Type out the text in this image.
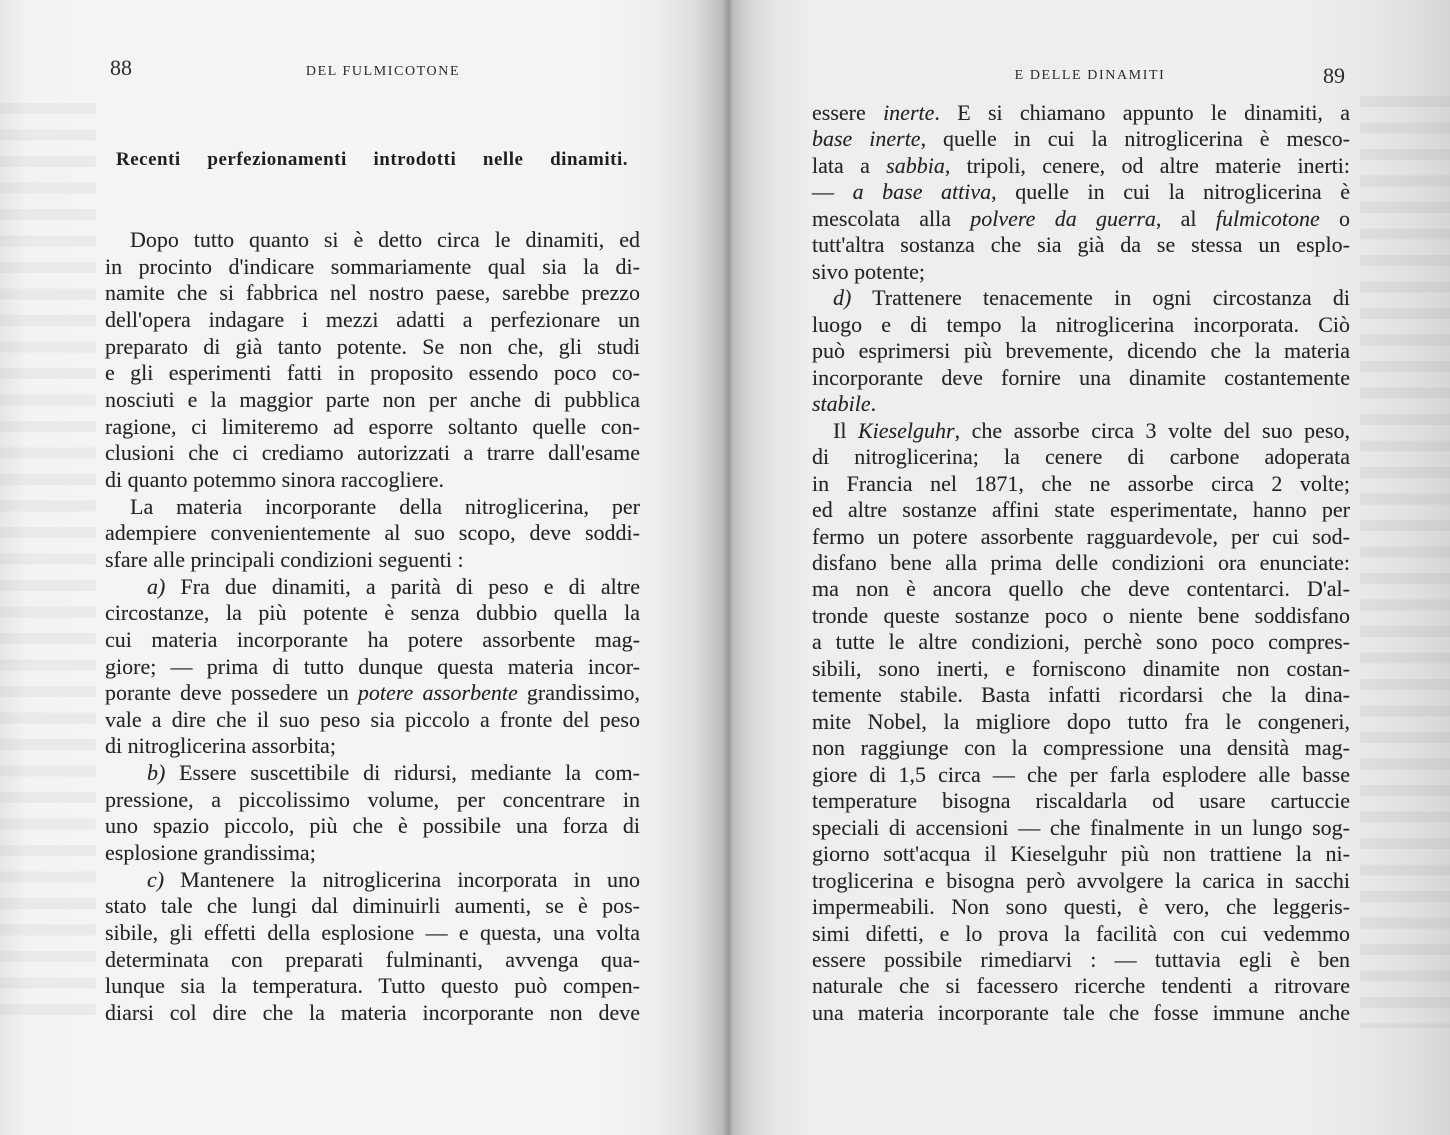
88	DEL FULMICOTONE
Recenti perfezionamenti introdotti nelle dinamiti.
Dopo tutto quanto si è detto circa le dinamiti, ed
in procinto d'indicare sommariamente qual sia la di-
namite che si fabbrica nel nostro paese, sarebbe prezzo
dell'opera indagare i mezzi adatti a perfezionare un
preparato di già tanto potente. Se non che, gli studi
e gli esperimenti fatti in proposito essendo poco co-
nosciuti e la maggior parte non per anche di pubblica
ragione, ci limiteremo ad esporre soltanto quelle con-
clusioni che ci crediamo autorizzati a trarre dall'esame
di quanto potemmo sinora raccogliere.
La materia incorporante della nitroglicerina, per
adempiere convenientemente al suo scopo, deve soddi-
sfare alle principali condizioni seguenti :
a) Fra due dinamiti, a parità di peso e di altre
circostanze, la più potente è senza dubbio quella la
cui materia incorporante ha potere assorbente mag-
giore; — prima di tutto dunque questa materia incor-
porante deve possedere un potere assorbente grandissimo,
vale a dire che il suo peso sia piccolo a fronte del peso
di nitroglicerina assorbita;
b) Essere suscettibile di ridursi, mediante la com-
pressione, a piccolissimo volume, per concentrare in
uno spazio piccolo, più che è possibile una forza di
esplosione grandissima;
c) Mantenere la nitroglicerina incorporata in uno
stato tale che lungi dal diminuirli aumenti, se è pos-
sibile, gli effetti della esplosione — e questa, una volta
determinata con preparati fulminanti, avvenga qua-
lunque sia la temperatura. Tutto questo può compen-
diarsi col dire che la materia incorporante non deve
E DELLE DINAMITI	89
essere inerte. E si chiamano appunto le dinamiti, a
base inerte, quelle in cui la nitroglicerina è mesco-
lata a sabbia, tripoli, cenere, od altre materie inerti:
— a base attiva, quelle in cui la nitroglicerina è
mescolata alla polvere da guerra, al fulmicotone o
tutt'altra sostanza che sia già da se stessa un esplo-
sivo potente;
d) Trattenere tenacemente in ogni circostanza di
luogo e di tempo la nitroglicerina incorporata. Ciò
può esprimersi più brevemente, dicendo che la materia
incorporante deve fornire una dinamite costantemente
stabile.
Il Kieselguhr, che assorbe circa 3 volte del suo peso,
di nitroglicerina; la cenere di carbone adoperata
in Francia nel 1871, che ne assorbe circa 2 volte;
ed altre sostanze affini state esperimentate, hanno per
fermo un potere assorbente ragguardevole, per cui sod-
disfano bene alla prima delle condizioni ora enunciate:
ma non è ancora quello che deve contentarci. D'al-
tronde queste sostanze poco o niente bene soddisfano
a tutte le altre condizioni, perchè sono poco compres-
sibili, sono inerti, e forniscono dinamite non costan-
temente stabile. Basta infatti ricordarsi che la dina-
mite Nobel, la migliore dopo tutto fra le congeneri,
non raggiunge con la compressione una densità mag-
giore di 1,5 circa — che per farla esplodere alle basse
temperature bisogna riscaldarla od usare cartuccie
speciali di accensioni — che finalmente in un lungo sog-
giorno sott'acqua il Kieselguhr più non trattiene la ni-
troglicerina e bisogna però avvolgere la carica in sacchi
impermeabili. Non sono questi, è vero, che leggeris-
simi difetti, e lo prova la facilità con cui vedemmo
essere possibile rimediarvi : — tuttavia egli è ben
naturale che si facessero ricerche tendenti a ritrovare
una materia incorporante tale che fosse immune anche
